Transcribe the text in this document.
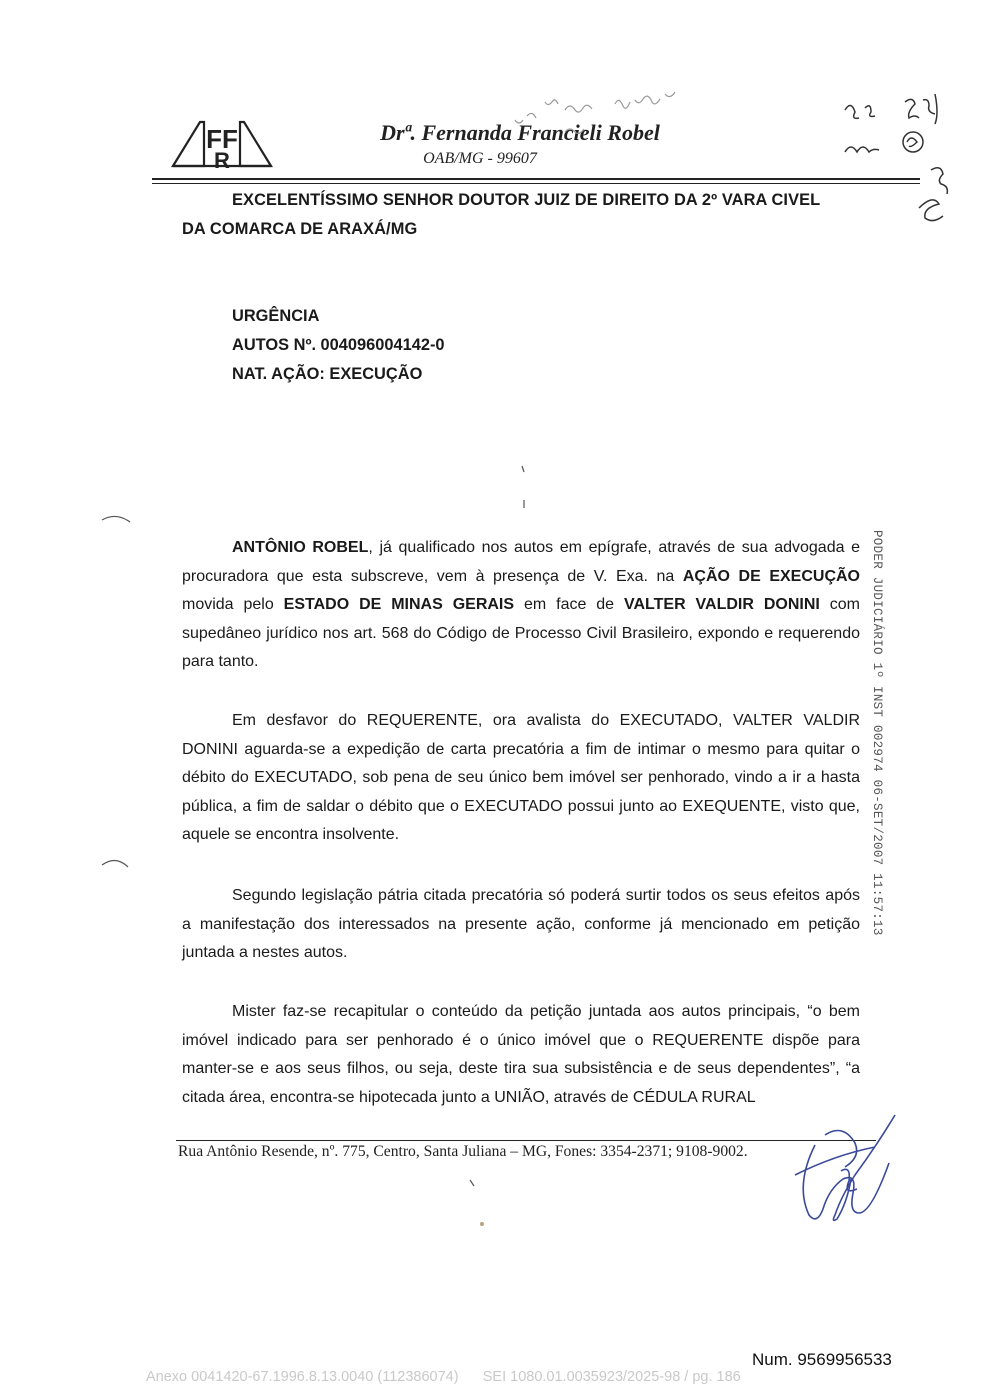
FF
R
Drª. Fernanda Francieli Robel
OAB/MG - 99607
EXCELENTÍSSIMO SENHOR DOUTOR JUIZ DE DIREITO DA 2º VARA CIVEL
DA COMARCA DE ARAXÁ/MG
URGÊNCIA
AUTOS Nº. 004096004142-0
NAT. AÇÃO: EXECUÇÃO
ANTÔNIO ROBEL, já qualificado nos autos em epígrafe, através de sua advogada e procuradora que esta subscreve, vem à presença de V. Exa. na AÇÃO DE EXECUÇÃO movida pelo ESTADO DE MINAS GERAIS em face de VALTER VALDIR DONINI com supedâneo jurídico nos art. 568 do Código de Processo Civil Brasileiro, expondo e requerendo para tanto.
Em desfavor do REQUERENTE, ora avalista do EXECUTADO, VALTER VALDIR DONINI aguarda-se a expedição de carta precatória a fim de intimar o mesmo para quitar o débito do EXECUTADO, sob pena de seu único bem imóvel ser penhorado, vindo a ir a hasta pública, a fim de saldar o débito que o EXECUTADO possui junto ao EXEQUENTE, visto que, aquele se encontra insolvente.
Segundo legislação pátria citada precatória só poderá surtir todos os seus efeitos após a manifestação dos interessados na presente ação, conforme já mencionado em petição juntada a nestes autos.
Mister faz-se recapitular o conteúdo da petição juntada aos autos principais, “o bem imóvel indicado para ser penhorado é o único imóvel que o REQUERENTE dispõe para manter-se e aos seus filhos, ou seja, deste tira sua subsistência e de seus dependentes”, “a citada área, encontra-se hipotecada junto a UNIÃO, através de CÉDULA RURAL
Rua Antônio Resende, nº. 775, Centro, Santa Juliana – MG, Fones: 3354-2371; 9108-9002.
PODER JUDICIÁRIO 1º INST 002974 06-SET/2007 11:57:13
Num. 9569956533
Anexo 0041420-67.1996.8.13.0040 (112386074)      SEI 1080.01.0035923/2025-98 / pg. 186
